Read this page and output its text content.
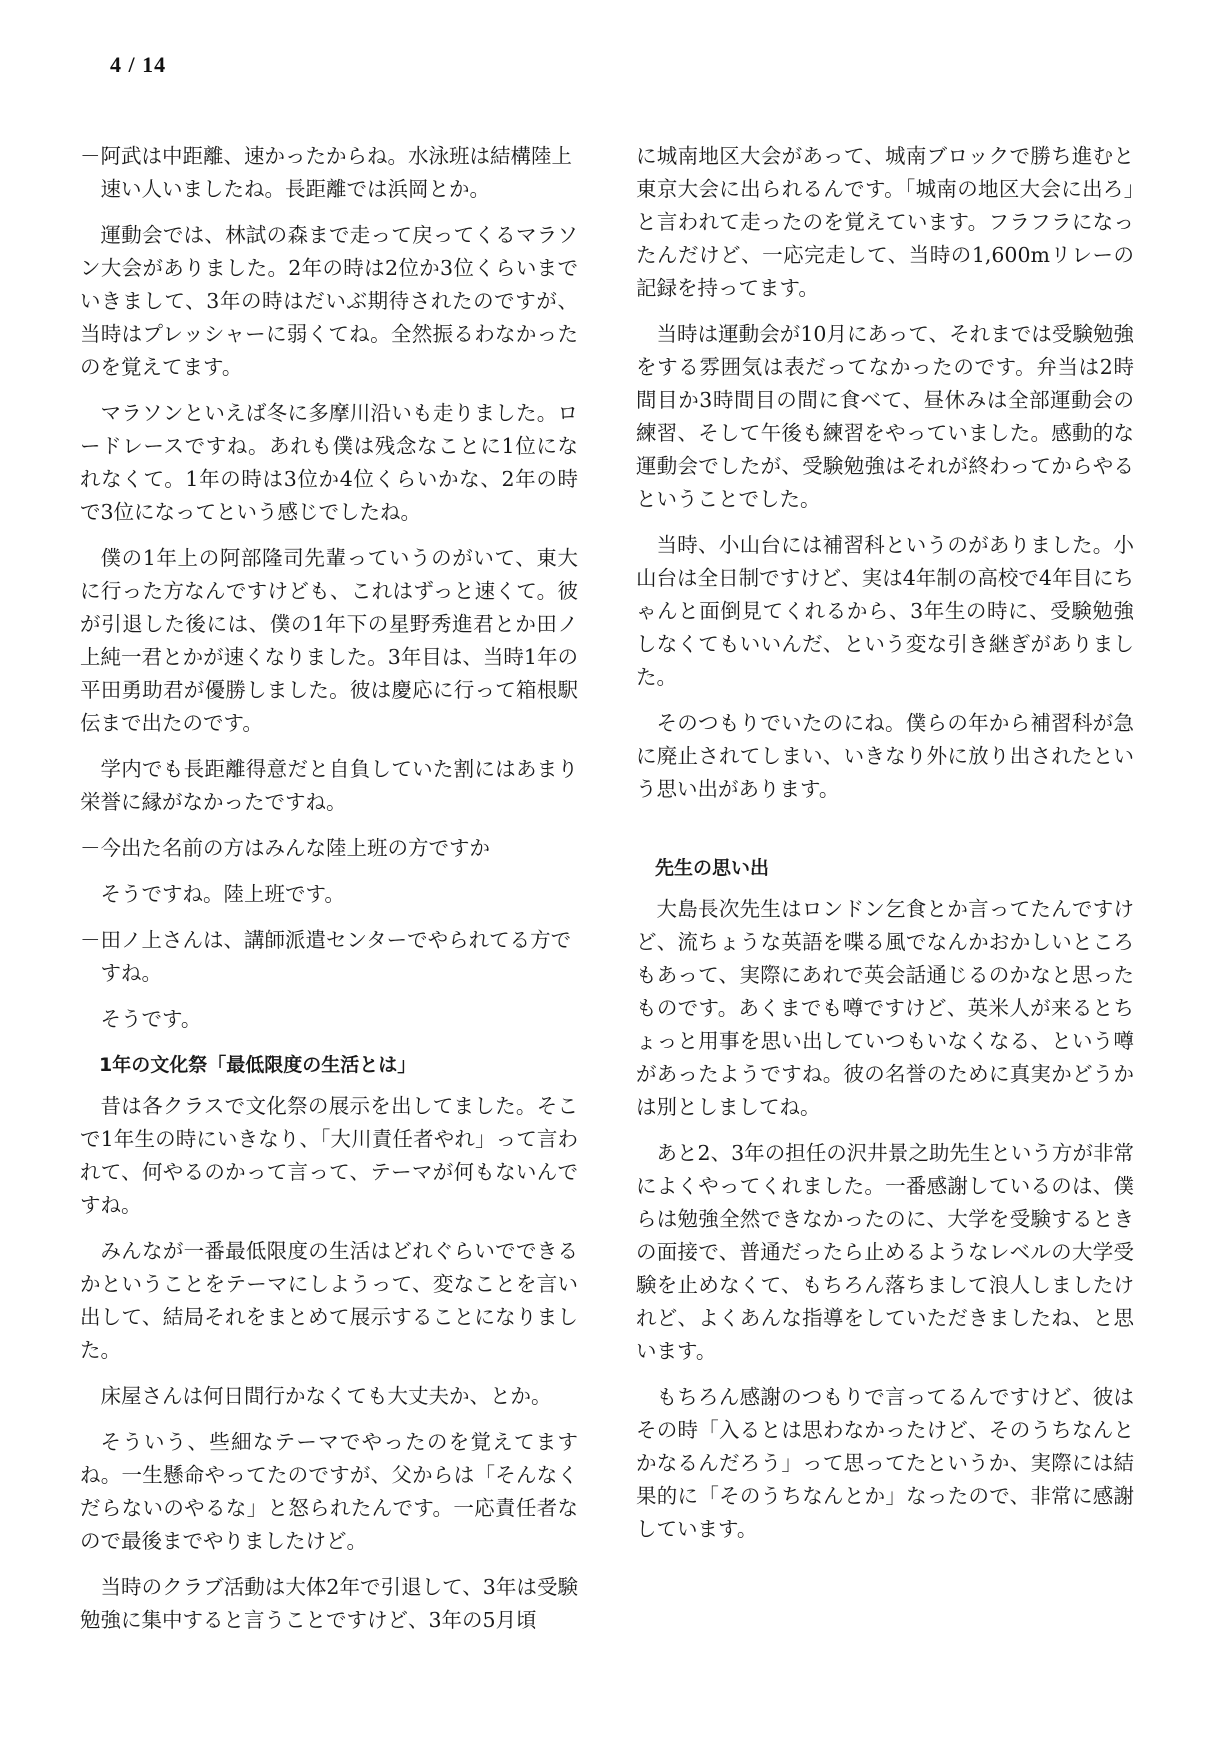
4 / 14

－阿武は中距離、速かったからね。水泳班は結構陸上速い人いましたね。長距離では浜岡とか。

運動会では、林試の森まで走って戻ってくるマラソン大会がありました。2年の時は2位か3位くらいまでいきまして、3年の時はだいぶ期待されたのですが、当時はプレッシャーに弱くてね。全然振るわなかったのを覚えてます。

マラソンといえば冬に多摩川沿いも走りました。ロードレースですね。あれも僕は残念なことに1位になれなくて。1年の時は3位か4位くらいかな、2年の時で3位になってという感じでしたね。

僕の1年上の阿部隆司先輩っていうのがいて、東大に行った方なんですけども、これはずっと速くて。彼が引退した後には、僕の1年下の星野秀進君とか田ノ上純一君とかが速くなりました。3年目は、当時1年の平田勇助君が優勝しました。彼は慶応に行って箱根駅伝まで出たのです。

学内でも長距離得意だと自負していた割にはあまり栄誉に縁がなかったですね。

－今出た名前の方はみんな陸上班の方ですか

そうですね。陸上班です。

－田ノ上さんは、講師派遣センターでやられてる方ですね。

そうです。

1年の文化祭「最低限度の生活とは」

昔は各クラスで文化祭の展示を出してました。そこで1年生の時にいきなり、「大川責任者やれ」って言われて、何やるのかって言って、テーマが何もないんですね。

みんなが一番最低限度の生活はどれぐらいでできるかということをテーマにしようって、変なことを言い出して、結局それをまとめて展示することになりました。

床屋さんは何日間行かなくても大丈夫か、とか。

そういう、些細なテーマでやったのを覚えてますね。一生懸命やってたのですが、父からは「そんなくだらないのやるな」と怒られたんです。一応責任者なので最後までやりましたけど。

当時のクラブ活動は大体2年で引退して、3年は受験勉強に集中すると言うことですけど、3年の5月頃

に城南地区大会があって、城南ブロックで勝ち進むと東京大会に出られるんです。「城南の地区大会に出ろ」と言われて走ったのを覚えています。フラフラになったんだけど、一応完走して、当時の1,600mリレーの記録を持ってます。

当時は運動会が10月にあって、それまでは受験勉強をする雰囲気は表だってなかったのです。弁当は2時間目か3時間目の間に食べて、昼休みは全部運動会の練習、そして午後も練習をやっていました。感動的な運動会でしたが、受験勉強はそれが終わってからやるということでした。

当時、小山台には補習科というのがありました。小山台は全日制ですけど、実は4年制の高校で4年目にちゃんと面倒見てくれるから、3年生の時に、受験勉強しなくてもいいんだ、という変な引き継ぎがありました。

そのつもりでいたのにね。僕らの年から補習科が急に廃止されてしまい、いきなり外に放り出されたという思い出があります。

先生の思い出

大島長次先生はロンドン乞食とか言ってたんですけど、流ちょうな英語を喋る風でなんかおかしいところもあって、実際にあれで英会話通じるのかなと思ったものです。あくまでも噂ですけど、英米人が来るとちょっと用事を思い出していつもいなくなる、という噂があったようですね。彼の名誉のために真実かどうかは別としましてね。

あと2、3年の担任の沢井景之助先生という方が非常によくやってくれました。一番感謝しているのは、僕らは勉強全然できなかったのに、大学を受験するときの面接で、普通だったら止めるようなレベルの大学受験を止めなくて、もちろん落ちまして浪人しましたけれど、よくあんな指導をしていただきましたね、と思います。

もちろん感謝のつもりで言ってるんですけど、彼はその時「入るとは思わなかったけど、そのうちなんとかなるんだろう」って思ってたというか、実際には結果的に「そのうちなんとか」なったので、非常に感謝しています。
